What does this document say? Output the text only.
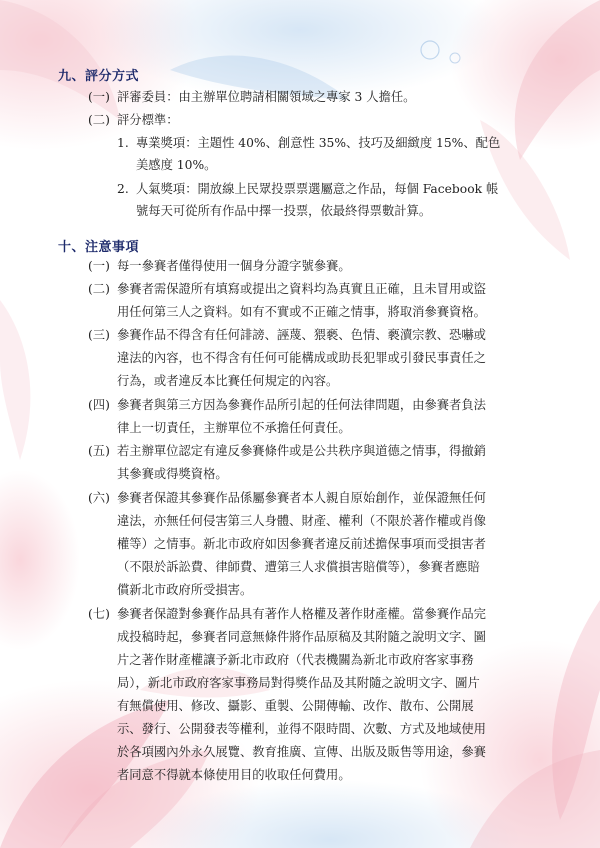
九、評分方式
(一) 評審委員：由主辦單位聘請相關領域之專家 3 人擔任。
(二) 評分標準：
1. 專業獎項：主題性 40%、創意性 35%、技巧及細緻度 15%、配色
美感度 10%。
2. 人氣獎項：開放線上民眾投票票選屬意之作品，每個 Facebook 帳
號每天可從所有作品中擇一投票，依最終得票數計算。
十、注意事項
(一) 每一參賽者僅得使用一個身分證字號參賽。
(二) 參賽者需保證所有填寫或提出之資料均為真實且正確，且未冒用或盜
用任何第三人之資料。如有不實或不正確之情事，將取消參賽資格。
(三) 參賽作品不得含有任何誹謗、誣蔑、猥褻、色情、褻瀆宗教、恐嚇或
違法的內容，也不得含有任何可能構成或助長犯罪或引發民事責任之
行為，或者違反本比賽任何規定的內容。
(四) 參賽者與第三方因為參賽作品所引起的任何法律問題，由參賽者負法
律上一切責任，主辦單位不承擔任何責任。
(五) 若主辦單位認定有違反參賽條件或是公共秩序與道德之情事，得撤銷
其參賽或得獎資格。
(六) 參賽者保證其參賽作品係屬參賽者本人親自原始創作，並保證無任何
違法，亦無任何侵害第三人身體、財產、權利（不限於著作權或肖像
權等）之情事。新北市政府如因參賽者違反前述擔保事項而受損害者
（不限於訴訟費、律師費、遭第三人求償損害賠償等），參賽者應賠
償新北市政府所受損害。
(七) 參賽者保證對參賽作品具有著作人格權及著作財產權。當參賽作品完
成投稿時起，參賽者同意無條件將作品原稿及其附隨之說明文字、圖
片之著作財產權讓予新北市政府（代表機關為新北市政府客家事務
局），新北市政府客家事務局對得獎作品及其附隨之說明文字、圖片
有無償使用、修改、攝影、重製、公開傳輸、改作、散布、公開展
示、發行、公開發表等權利，並得不限時間、次數、方式及地域使用
於各項國內外永久展覽、教育推廣、宣傳、出版及販售等用途，參賽
者同意不得就本條使用目的收取任何費用。
